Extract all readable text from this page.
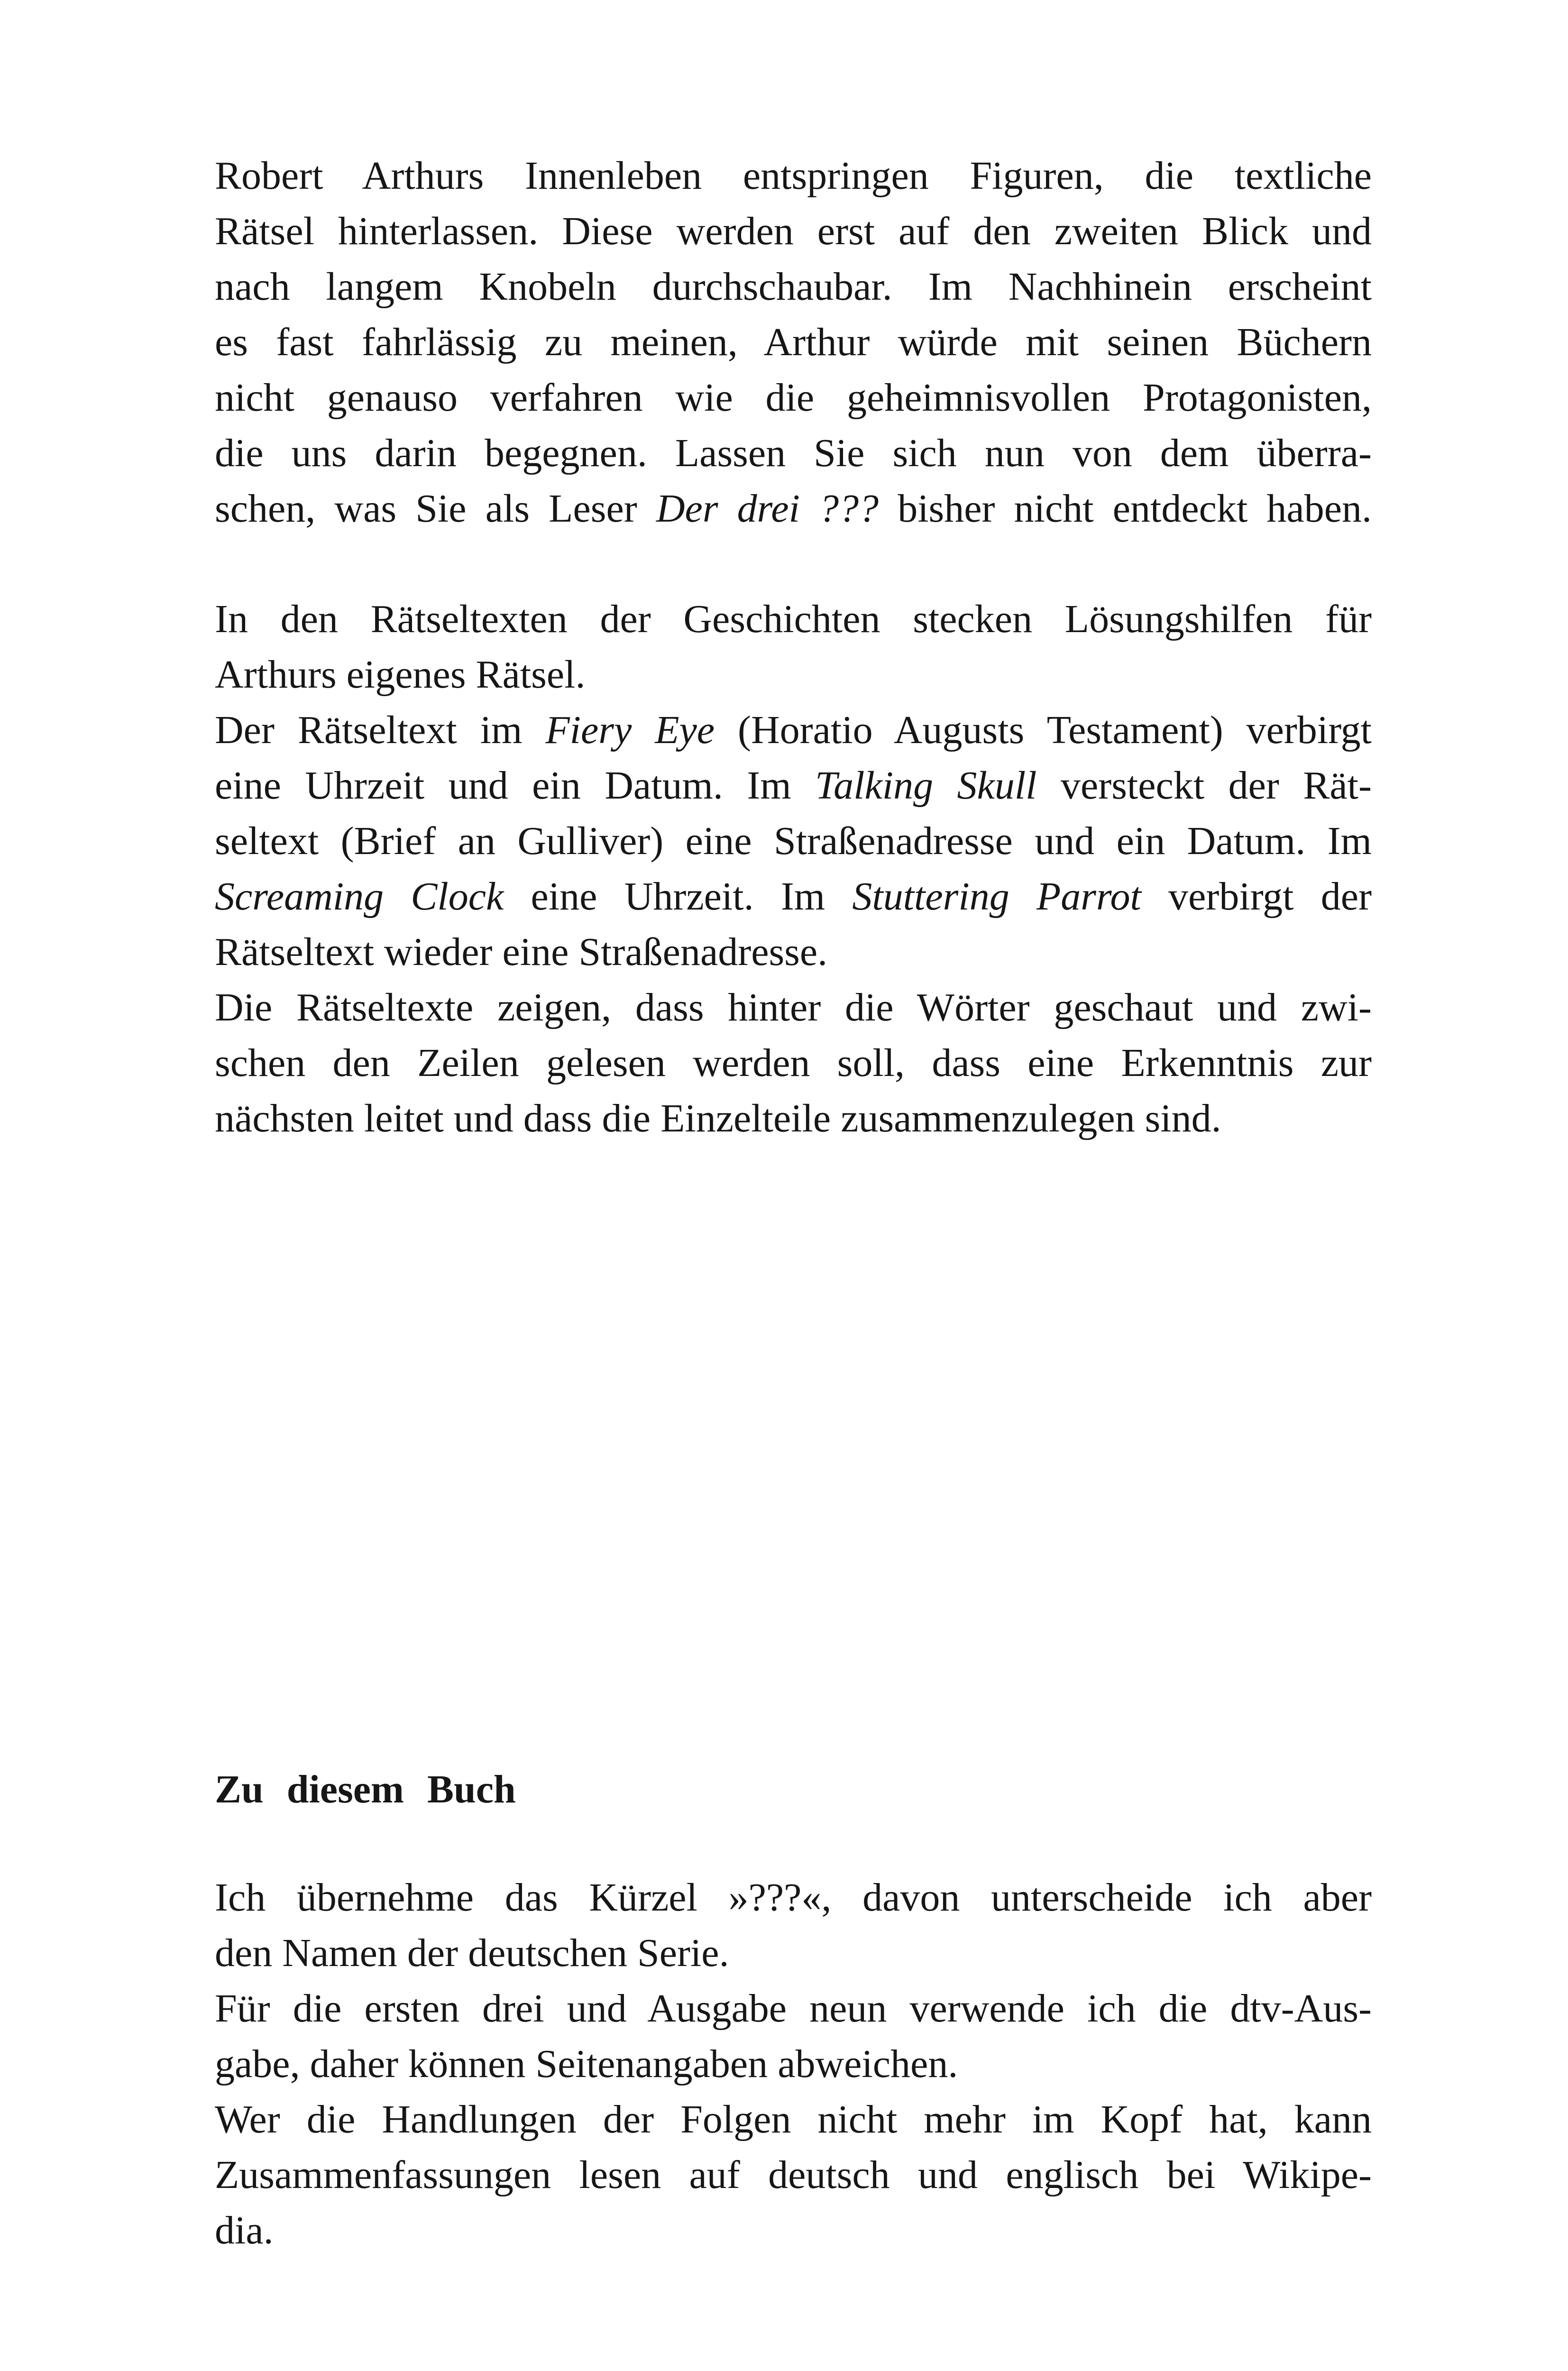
Robert Arthurs Innenleben entspringen Figuren, die textliche
Rätsel hinterlassen. Diese werden erst auf den zweiten Blick und
nach langem Knobeln durchschaubar. Im Nachhinein erscheint
es fast fahrlässig zu meinen, Arthur würde mit seinen Büchern
nicht genauso verfahren wie die geheimnisvollen Protagonisten,
die uns darin begegnen. Lassen Sie sich nun von dem überra-
schen, was Sie als Leser Der drei ??? bisher nicht entdeckt haben.
In den Rätseltexten der Geschichten stecken Lösungshilfen für
Arthurs eigenes Rätsel.
Der Rätseltext im Fiery Eye (Horatio Augusts Testament) verbirgt
eine Uhrzeit und ein Datum. Im Talking Skull versteckt der Rät-
seltext (Brief an Gulliver) eine Straßenadresse und ein Datum. Im
Screaming Clock eine Uhrzeit. Im Stuttering Parrot verbirgt der
Rätseltext wieder eine Straßenadresse.
Die Rätseltexte zeigen, dass hinter die Wörter geschaut und zwi-
schen den Zeilen gelesen werden soll, dass eine Erkenntnis zur
nächsten leitet und dass die Einzelteile zusammenzulegen sind.
Zu diesem Buch
Ich übernehme das Kürzel »???«, davon unterscheide ich aber
den Namen der deutschen Serie.
Für die ersten drei und Ausgabe neun verwende ich die dtv-Aus-
gabe, daher können Seitenangaben abweichen.
Wer die Handlungen der Folgen nicht mehr im Kopf hat, kann
Zusammenfassungen lesen auf deutsch und englisch bei Wikipe-
dia.
